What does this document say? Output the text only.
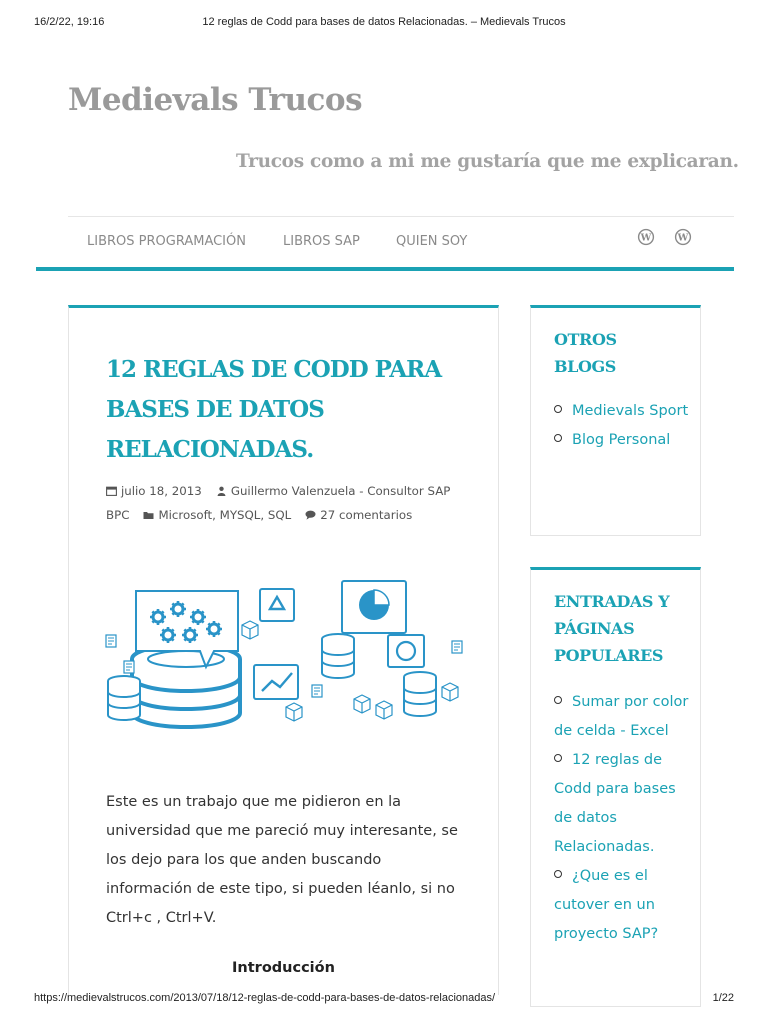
16/2/22, 19:16	12 reglas de Codd para bases de datos Relacionadas. – Medievals Trucos
Medievals Trucos
Trucos como a mi me gustaría que me explicaran.
LIBROS PROGRAMACIÓN	LIBROS SAP	QUIEN SOY	W	W
12 REGLAS DE CODD PARA BASES DE DATOS RELACIONADAS.
julio 18, 2013 Guillermo Valenzuela - Consultor SAP BPC Microsoft, MYSQL, SQL 27 comentarios

Este es un trabajo que me pidieron en la universidad que me pareció muy interesante, se los dejo para los que anden buscando información de este tipo, si pueden léanlo, si no Ctrl+c , Ctrl+V.

Introducción
OTROS BLOGS
Medievals Sport
Blog Personal
ENTRADAS Y PÁGINAS POPULARES
Sumar por color de celda - Excel
12 reglas de Codd para bases de datos Relacionadas.
¿Que es el cutover en un proyecto SAP?
https://medievalstrucos.com/2013/07/18/12-reglas-de-codd-para-bases-de-datos-relacionadas/	1/22
